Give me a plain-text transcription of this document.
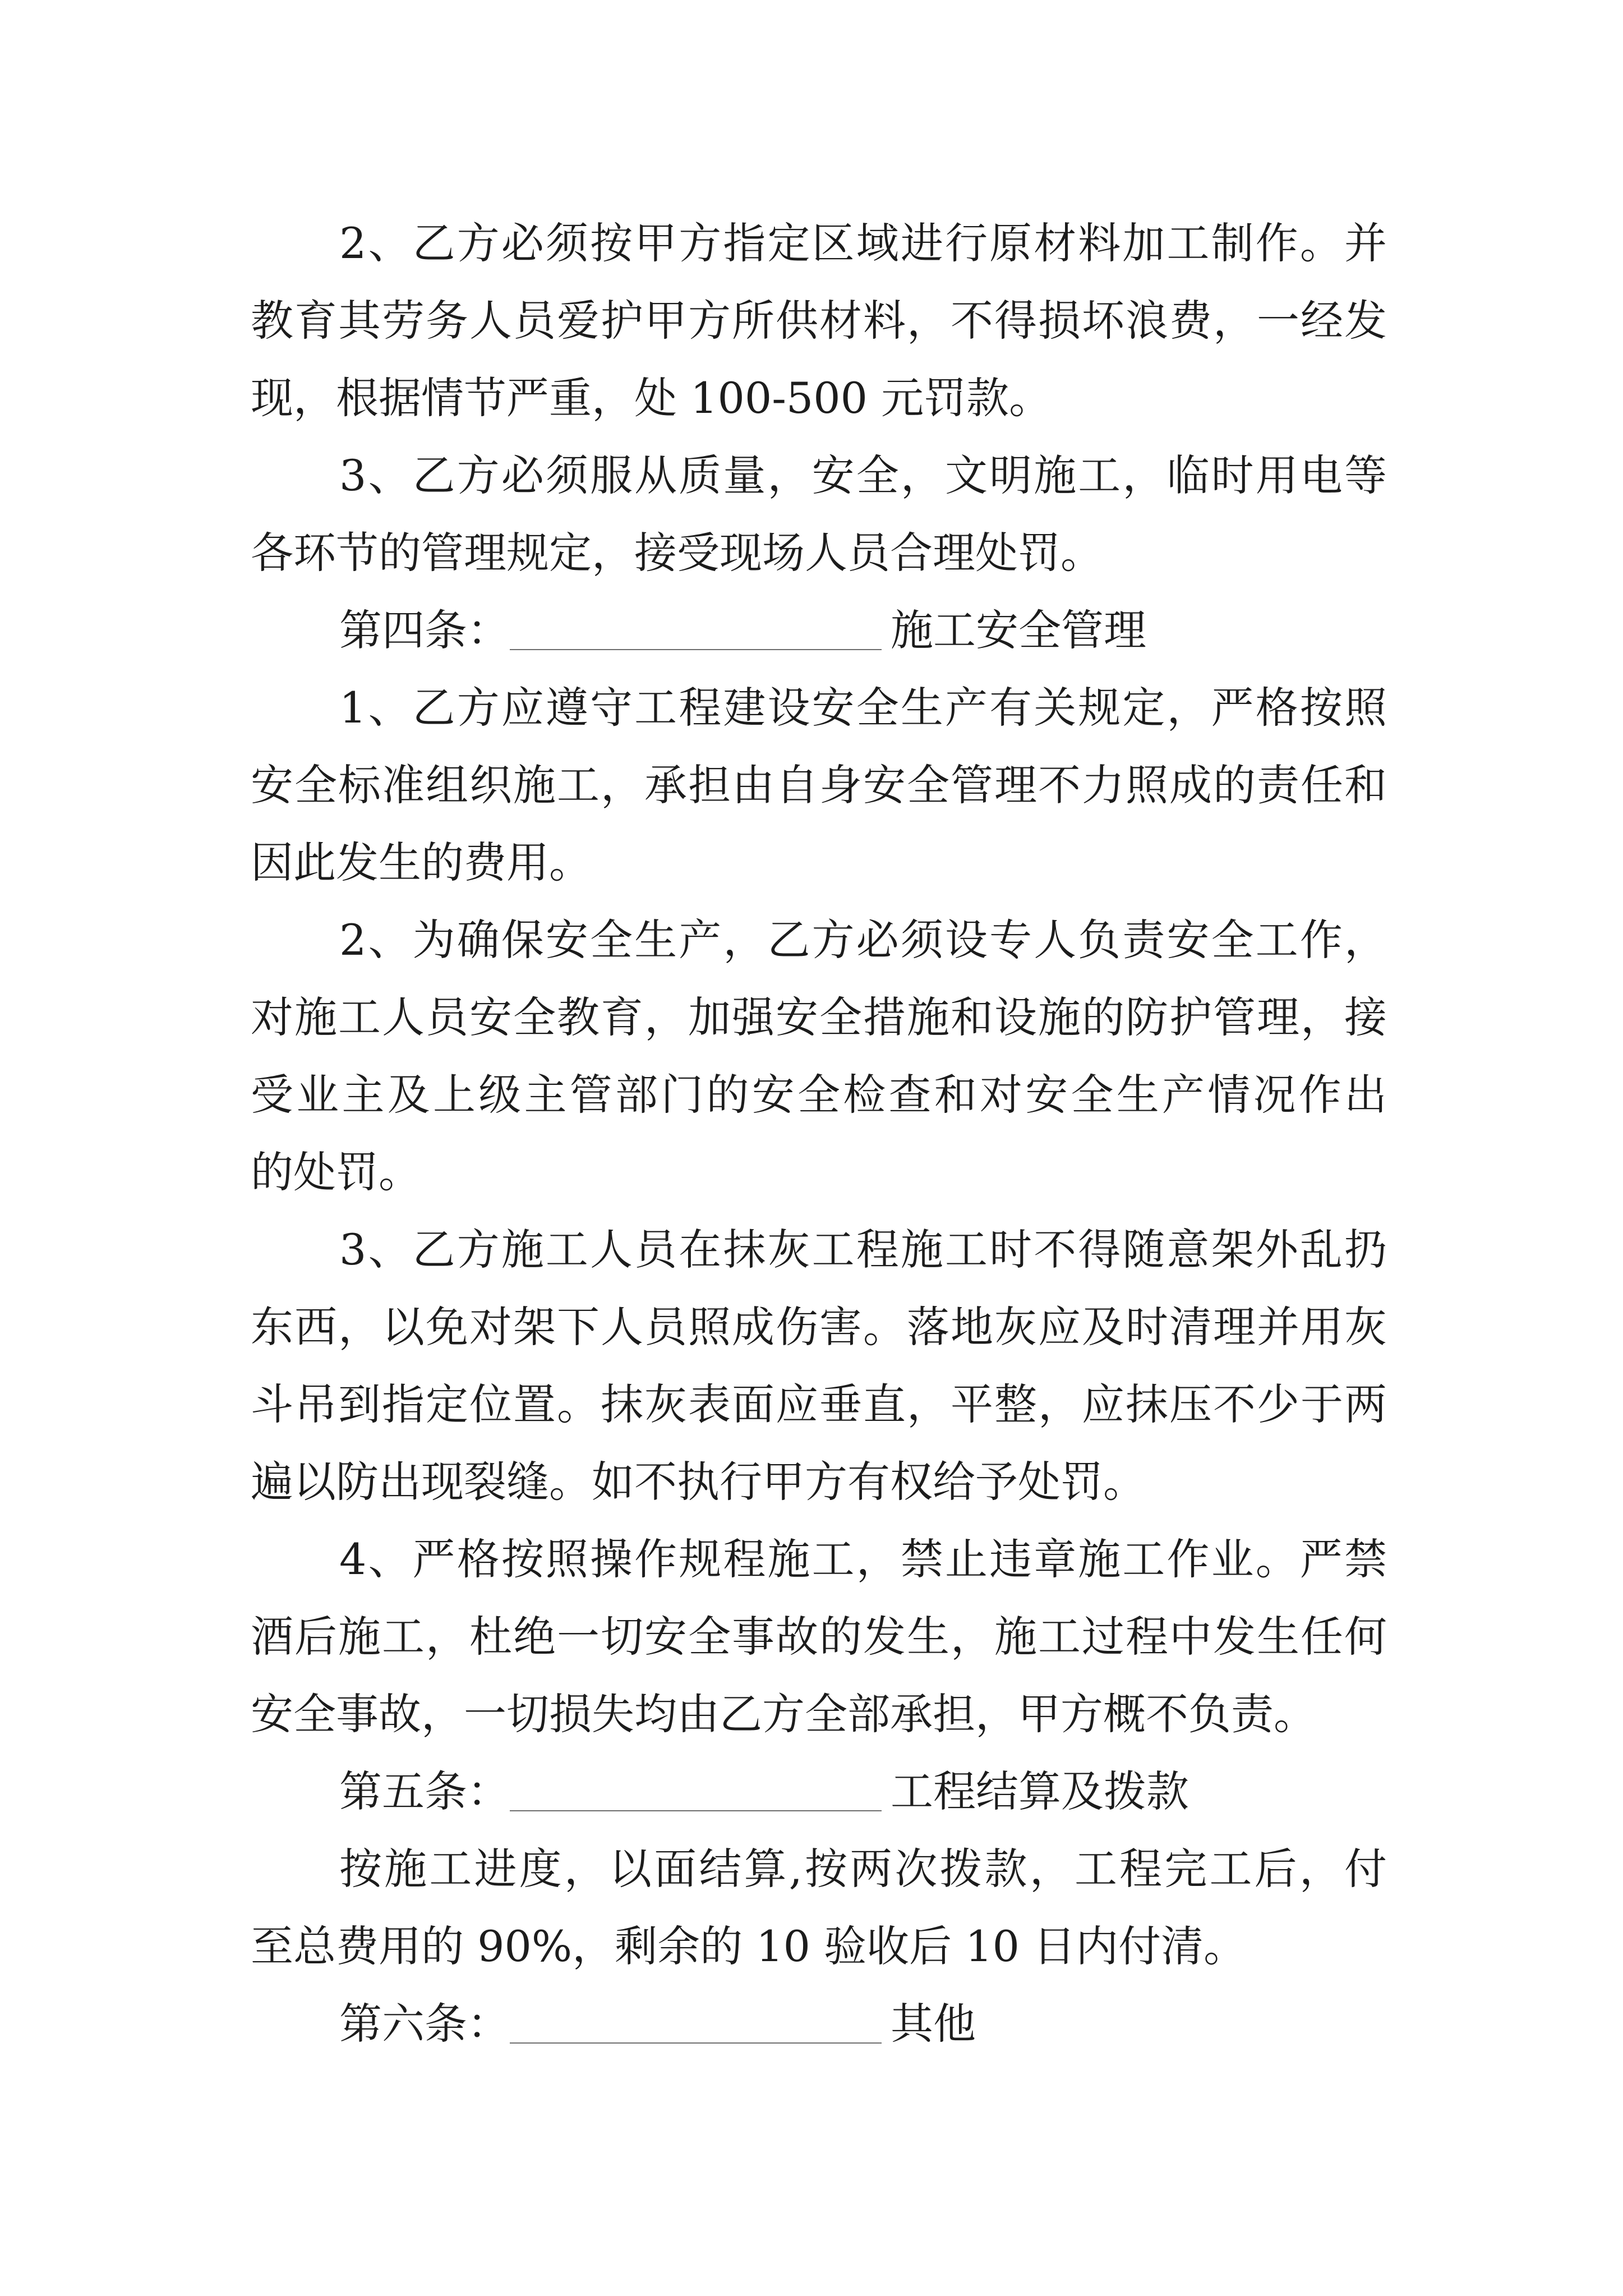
2、乙方必须按甲方指定区域进行原材料加工制作。并
教育其劳务人员爱护甲方所供材料，不得损坏浪费，一经发
现，根据情节严重，处 100-500 元罚款。
3、乙方必须服从质量，安全，文明施工，临时用电等
各环节的管理规定，接受现场人员合理处罚。
第四条：	施工安全管理
1、乙方应遵守工程建设安全生产有关规定，严格按照
安全标准组织施工，承担由自身安全管理不力照成的责任和
因此发生的费用。
2、为确保安全生产，乙方必须设专人负责安全工作，
对施工人员安全教育，加强安全措施和设施的防护管理，接
受业主及上级主管部门的安全检查和对安全生产情况作出
的处罚。
3、乙方施工人员在抹灰工程施工时不得随意架外乱扔
东西，以免对架下人员照成伤害。落地灰应及时清理并用灰
斗吊到指定位置。抹灰表面应垂直，平整，应抹压不少于两
遍以防出现裂缝。如不执行甲方有权给予处罚。
4、严格按照操作规程施工，禁止违章施工作业。严禁
酒后施工，杜绝一切安全事故的发生，施工过程中发生任何
安全事故，一切损失均由乙方全部承担，甲方概不负责。
第五条：	工程结算及拨款
按施工进度，以面结算,按两次拨款，工程完工后，付
至总费用的 90%，剩余的 10 验收后 10 日内付清。
第六条：	其他
